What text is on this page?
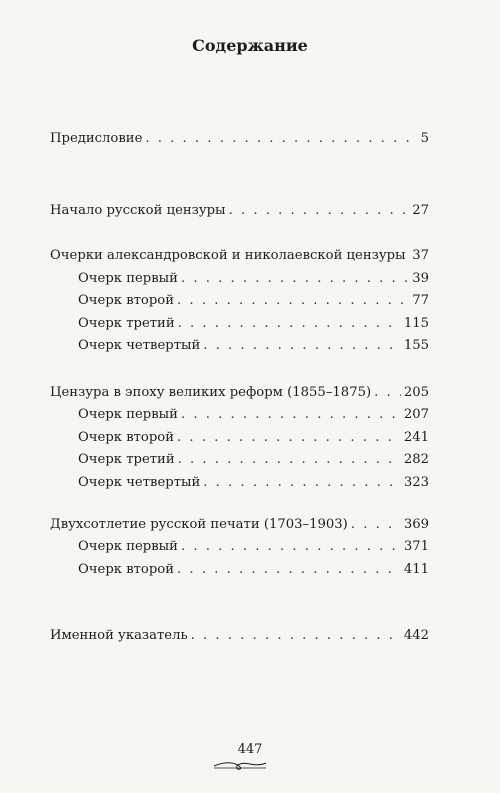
Содержание
Предисловие . . .	5
Начало русской цензуры . . .	27
Очерки александровской и николаевской цензуры . . . 37
Очерк первый . . .	39
Очерк второй . . .	77
Очерк третий . . .	115
Очерк четвертый . . .	155
Цензура в эпоху великих реформ (1855–1875) . . . 205
Очерк первый . . .	207
Очерк второй . . .	241
Очерк третий . . .	282
Очерк четвертый . . .	323
Двухсотлетие русской печати (1703–1903) . . .	369
Очерк первый . . .	371
Очерк второй . . .	411
Именной указатель . . .	442
447
